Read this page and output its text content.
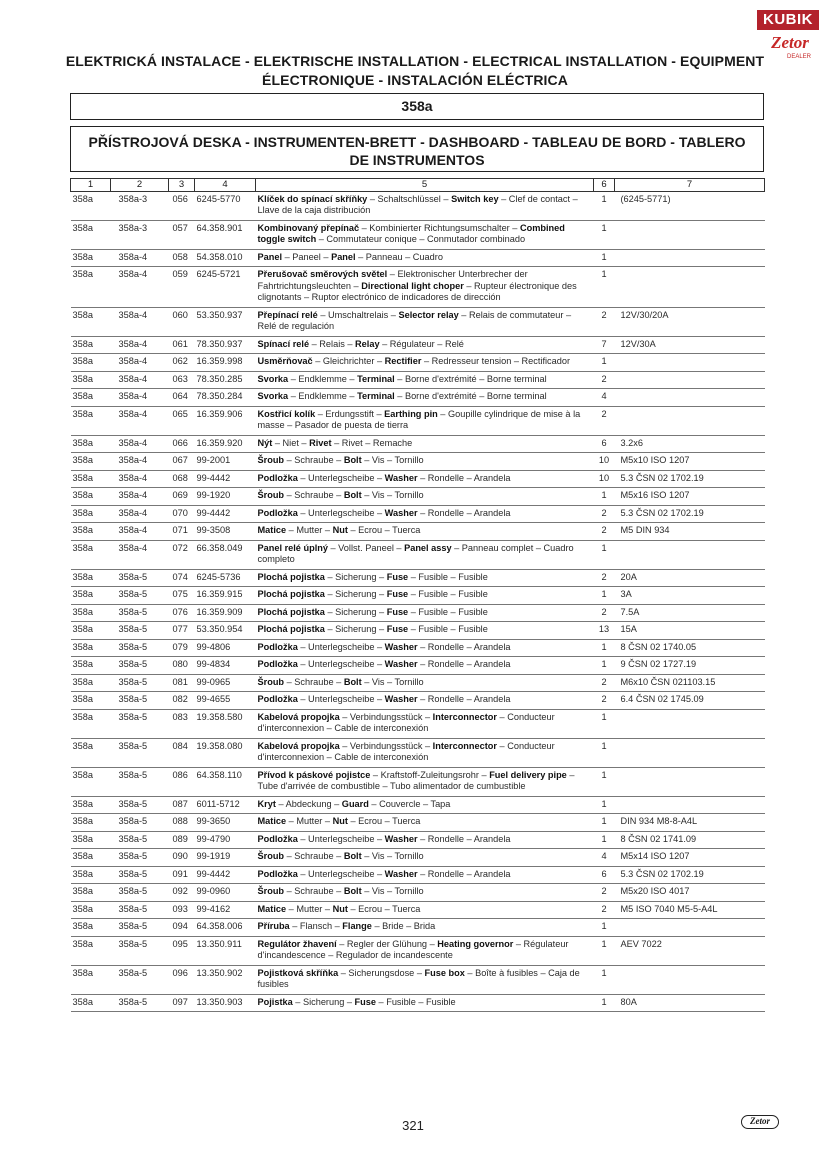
ELEKTRICKÁ INSTALACE - ELEKTRISCHE INSTALLATION - ELECTRICAL INSTALLATION - EQUIPMENT
ÉLECTRONIQUE - INSTALACIÓN ELÉCTRICA
KUBIK
Zetor
DEALER
358a
PŘÍSTROJOVÁ DESKA - INSTRUMENTEN-BRETT - DASHBOARD - TABLEAU DE BORD - TABLERO DE INSTRUMENTOS
1	2	3	4	5	6	7
358a	358a-3	056	6245-5770	Klíček do spínací skříňky – Schaltschlüssel – Switch key – Clef de contact – Llave de la caja distribución	1	(6245-5771)
358a	358a-3	057	64.358.901	Kombinovaný přepínač – Kombinierter Richtungsumschalter – Combined toggle switch – Commutateur conique – Conmutador combinado	1	
358a	358a-4	058	54.358.010	Panel – Paneel – Panel – Panneau – Cuadro	1	
358a	358a-4	059	6245-5721	Přerušovač směrových světel – Elektronischer Unterbrecher der Fahrtrichtungsleuchten – Directional light choper – Rupteur électronique des clignotants – Ruptor electrónico de indicadores de dirección	1	
358a	358a-4	060	53.350.937	Přepínací relé – Umschaltrelais – Selector relay – Relais de commutateur – Relé de regulación	2	12V/30/20A
358a	358a-4	061	78.350.937	Spínací relé – Relais – Relay – Régulateur – Relé	7	12V/30A
358a	358a-4	062	16.359.998	Usměrňovač – Gleichrichter – Rectifier – Redresseur tension – Rectificador	1	
358a	358a-4	063	78.350.285	Svorka – Endklemme – Terminal – Borne d'extrémité – Borne terminal	2	
358a	358a-4	064	78.350.284	Svorka – Endklemme – Terminal – Borne d'extrémité – Borne terminal	4	
358a	358a-4	065	16.359.906	Kostřicí kolík – Erdungsstift – Earthing pin – Goupille cylindrique de mise à la masse – Pasador de puesta de tierra	2	
358a	358a-4	066	16.359.920	Nýt – Niet – Rivet – Rivet – Remache	6	3.2x6
358a	358a-4	067	99-2001	Šroub – Schraube – Bolt – Vis – Tornillo	10	M5x10 ISO 1207
358a	358a-4	068	99-4442	Podložka – Unterlegscheibe – Washer – Rondelle – Arandela	10	5.3 ČSN 02 1702.19
358a	358a-4	069	99-1920	Šroub – Schraube – Bolt – Vis – Tornillo	1	M5x16 ISO 1207
358a	358a-4	070	99-4442	Podložka – Unterlegscheibe – Washer – Rondelle – Arandela	2	5.3 ČSN 02 1702.19
358a	358a-4	071	99-3508	Matice – Mutter – Nut – Ecrou – Tuerca	2	M5 DIN 934
358a	358a-4	072	66.358.049	Panel relé úplný – Vollst. Paneel – Panel assy – Panneau complet – Cuadro completo	1	
358a	358a-5	074	6245-5736	Plochá pojistka – Sicherung – Fuse – Fusible – Fusible	2	20A
358a	358a-5	075	16.359.915	Plochá pojistka – Sicherung – Fuse – Fusible – Fusible	1	3A
358a	358a-5	076	16.359.909	Plochá pojistka – Sicherung – Fuse – Fusible – Fusible	2	7.5A
358a	358a-5	077	53.350.954	Plochá pojistka – Sicherung – Fuse – Fusible – Fusible	13	15A
358a	358a-5	079	99-4806	Podložka – Unterlegscheibe – Washer – Rondelle – Arandela	1	8 ČSN 02 1740.05
358a	358a-5	080	99-4834	Podložka – Unterlegscheibe – Washer – Rondelle – Arandela	1	9 ČSN 02 1727.19
358a	358a-5	081	99-0965	Šroub – Schraube – Bolt – Vis – Tornillo	2	M6x10 ČSN 021103.15
358a	358a-5	082	99-4655	Podložka – Unterlegscheibe – Washer – Rondelle – Arandela	2	6.4 ČSN 02 1745.09
358a	358a-5	083	19.358.580	Kabelová propojka – Verbindungsstück – Interconnector – Conducteur d'interconnexion – Cable de interconexión	1	
358a	358a-5	084	19.358.080	Kabelová propojka – Verbindungsstück – Interconnector – Conducteur d'interconnexion – Cable de interconexión	1	
358a	358a-5	086	64.358.110	Přívod k páskové pojistce – Kraftstoff-Zuleitungsrohr – Fuel delivery pipe – Tube d'arrivée de combustible – Tubo alimentador de cumbustible	1	
358a	358a-5	087	6011-5712	Kryt – Abdeckung – Guard – Couvercle – Tapa	1	
358a	358a-5	088	99-3650	Matice – Mutter – Nut – Ecrou – Tuerca	1	DIN 934 M8-8-A4L
358a	358a-5	089	99-4790	Podložka – Unterlegscheibe – Washer – Rondelle – Arandela	1	8 ČSN 02 1741.09
358a	358a-5	090	99-1919	Šroub – Schraube – Bolt – Vis – Tornillo	4	M5x14 ISO 1207
358a	358a-5	091	99-4442	Podložka – Unterlegscheibe – Washer – Rondelle – Arandela	6	5.3 ČSN 02 1702.19
358a	358a-5	092	99-0960	Šroub – Schraube – Bolt – Vis – Tornillo	2	M5x20 ISO 4017
358a	358a-5	093	99-4162	Matice – Mutter – Nut – Ecrou – Tuerca	2	M5 ISO 7040 M5-5-A4L
358a	358a-5	094	64.358.006	Příruba – Flansch – Flange – Bride – Brida	1	
358a	358a-5	095	13.350.911	Regulátor žhavení – Regler der Glühung – Heating governor – Régulateur d'incandescence – Regulador de incandescente	1	AEV 7022
358a	358a-5	096	13.350.902	Pojistková skříňka – Sicherungsdose – Fuse box – Boîte à fusibles – Caja de fusibles	1	
358a	358a-5	097	13.350.903	Pojistka – Sicherung – Fuse – Fusible – Fusible	1	80A
321	Zetor
